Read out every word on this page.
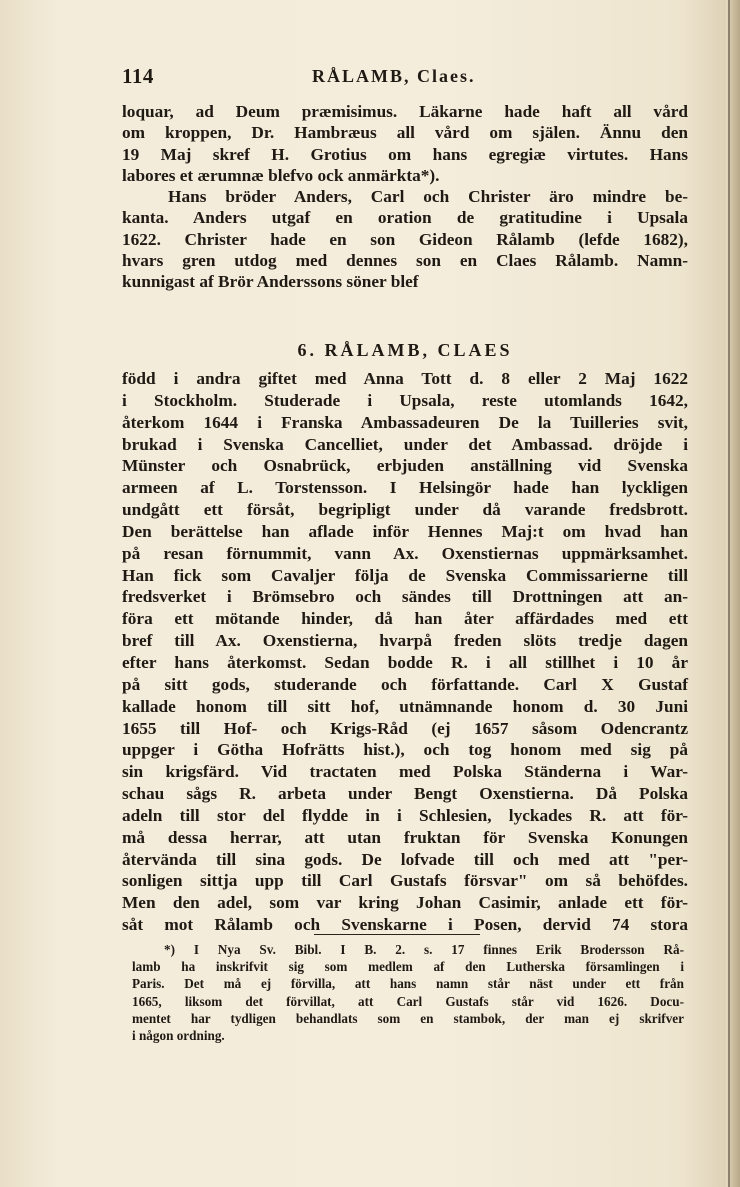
114	RÅLAMB, Claes.
loquar, ad Deum præmisimus. Läkarne hade haft all vård
om kroppen, Dr. Hambræus all vård om själen. Ännu den
19 Maj skref H. Grotius om hans egregiæ virtutes. Hans
labores et ærumnæ blefvo ock anmärkta*).
Hans bröder Anders, Carl och Christer äro mindre be-
kanta. Anders utgaf en oration de gratitudine i Upsala
1622. Christer hade en son Gideon Rålamb (lefde 1682),
hvars gren utdog med dennes son en Claes Rålamb. Namn-
kunnigast af Brör Anderssons söner blef
6. RÅLAMB, CLAES
född i andra giftet med Anna Tott d. 8 eller 2 Maj 1622
i Stockholm. Studerade i Upsala, reste utomlands 1642,
återkom 1644 i Franska Ambassadeuren De la Tuilleries svit,
brukad i Svenska Cancelliet, under det Ambassad. dröjde i
Münster och Osnabrück, erbjuden anställning vid Svenska
armeen af L. Torstensson. I Helsingör hade han lyckligen
undgått ett försåt, begripligt under då varande fredsbrott.
Den berättelse han aflade inför Hennes Maj:t om hvad han
på resan förnummit, vann Ax. Oxenstiernas uppmärksamhet.
Han fick som Cavaljer följa de Svenska Commissarierne till
fredsverket i Brömsebro och sändes till Drottningen att an-
föra ett mötande hinder, då han åter affärdades med ett
bref till Ax. Oxenstierna, hvarpå freden slöts tredje dagen
efter hans återkomst. Sedan bodde R. i all stillhet i 10 år
på sitt gods, studerande och författande. Carl X Gustaf
kallade honom till sitt hof, utnämnande honom d. 30 Juni
1655 till Hof- och Krigs-Råd (ej 1657 såsom Odencrantz
uppger i Götha Hofrätts hist.), och tog honom med sig på
sin krigsfärd. Vid tractaten med Polska Ständerna i War-
schau sågs R. arbeta under Bengt Oxenstierna. Då Polska
adeln till stor del flydde in i Schlesien, lyckades R. att för-
må dessa herrar, att utan fruktan för Svenska Konungen
återvända till sina gods. De lofvade till och med att "per-
sonligen sittja upp till Carl Gustafs försvar" om så behöfdes.
Men den adel, som var kring Johan Casimir, anlade ett för-
såt mot Rålamb och Svenskarne i Posen, dervid 74 stora
*) I Nya Sv. Bibl. I B. 2. s. 17 finnes Erik Brodersson Rå-
lamb ha inskrifvit sig som medlem af den Lutherska församlingen i
Paris. Det må ej förvilla, att hans namn står näst under ett från
1665, liksom det förvillat, att Carl Gustafs står vid 1626. Docu-
mentet har tydligen behandlats som en stambok, der man ej skrifver
i någon ordning.
